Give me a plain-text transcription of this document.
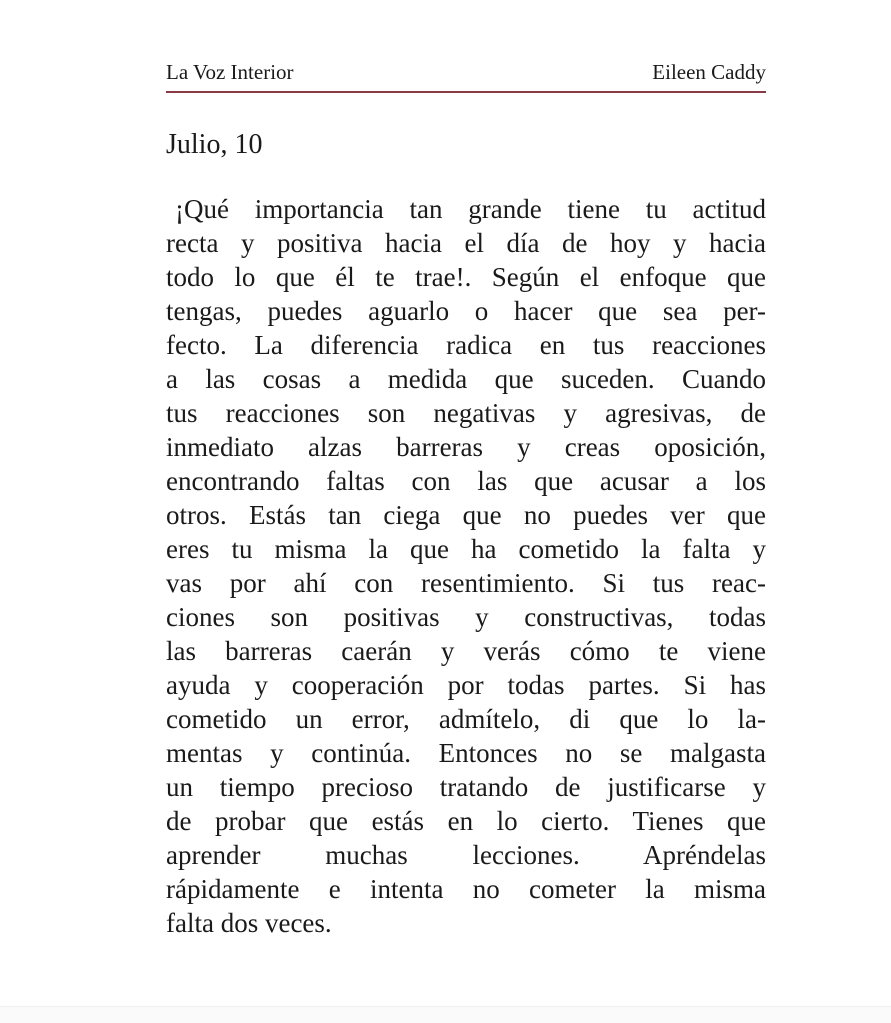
La Voz Interior	Eileen Caddy
Julio, 10
¡Qué importancia tan grande tiene tu actitud
recta y positiva hacia el día de hoy y hacia
todo lo que él te trae!. Según el enfoque que
tengas, puedes aguarlo o hacer que sea per-
fecto. La diferencia radica en tus reacciones
a las cosas a medida que suceden. Cuando
tus reacciones son negativas y agresivas, de
inmediato alzas barreras y creas oposición,
encontrando faltas con las que acusar a los
otros. Estás tan ciega que no puedes ver que
eres tu misma la que ha cometido la falta y
vas por ahí con resentimiento. Si tus reac-
ciones son positivas y constructivas, todas
las barreras caerán y verás cómo te viene
ayuda y cooperación por todas partes. Si has
cometido un error, admítelo, di que lo la-
mentas y continúa. Entonces no se malgasta
un tiempo precioso tratando de justificarse y
de probar que estás en lo cierto. Tienes que
aprender muchas lecciones. Apréndelas
rápidamente e intenta no cometer la misma
falta dos veces.
